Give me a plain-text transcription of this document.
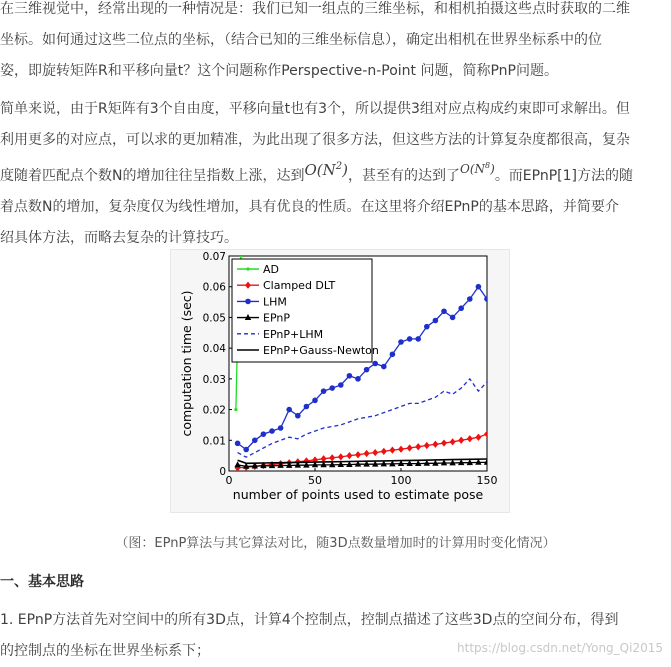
在三维视觉中，经常出现的一种情况是：我们已知一组点的三维坐标，和相机拍摄这些点时获取的二维
坐标。如何通过这些二位点的坐标，（结合已知的三维坐标信息），确定出相机在世界坐标系中的位
姿，即旋转矩阵R和平移向量t？这个问题称作Perspective-n-Point 问题，简称PnP问题。

简单来说，由于R矩阵有3个自由度，平移向量t也有3个，所以提供3组对应点构成约束即可求解出。但
利用更多的对应点，可以求的更加精准，为此出现了很多方法，但这些方法的计算复杂度都很高，复杂
度随着匹配点个数N的增加往往呈指数上涨，达到$O(N^2)$，甚至有的达到了$O(N^8)$。而EPnP[1]方法的随
着点数N的增加，复杂度仅为线性增加，具有优良的性质。在这里将介绍EPnP的基本思路，并简要介
绍具体方法，而略去复杂的计算技巧。

0	50	100	150
0
0.01
0.02
0.03
0.04
0.05
0.06
0.07
number of points used to estimate pose
computation time (sec)
AD
Clamped DLT
LHM
EPnP
EPnP+LHM
EPnP+Gauss-Newton
（图：EPnP算法与其它算法对比，随3D点数量增加时的计算用时变化情况）
一、基本思路

1. EPnP方法首先对空间中的所有3D点，计算4个控制点，控制点描述了这些3D点的空间分布，得到
的控制点的坐标在世界坐标系下；	https://blog.csdn.net/Yong_Qi2015
